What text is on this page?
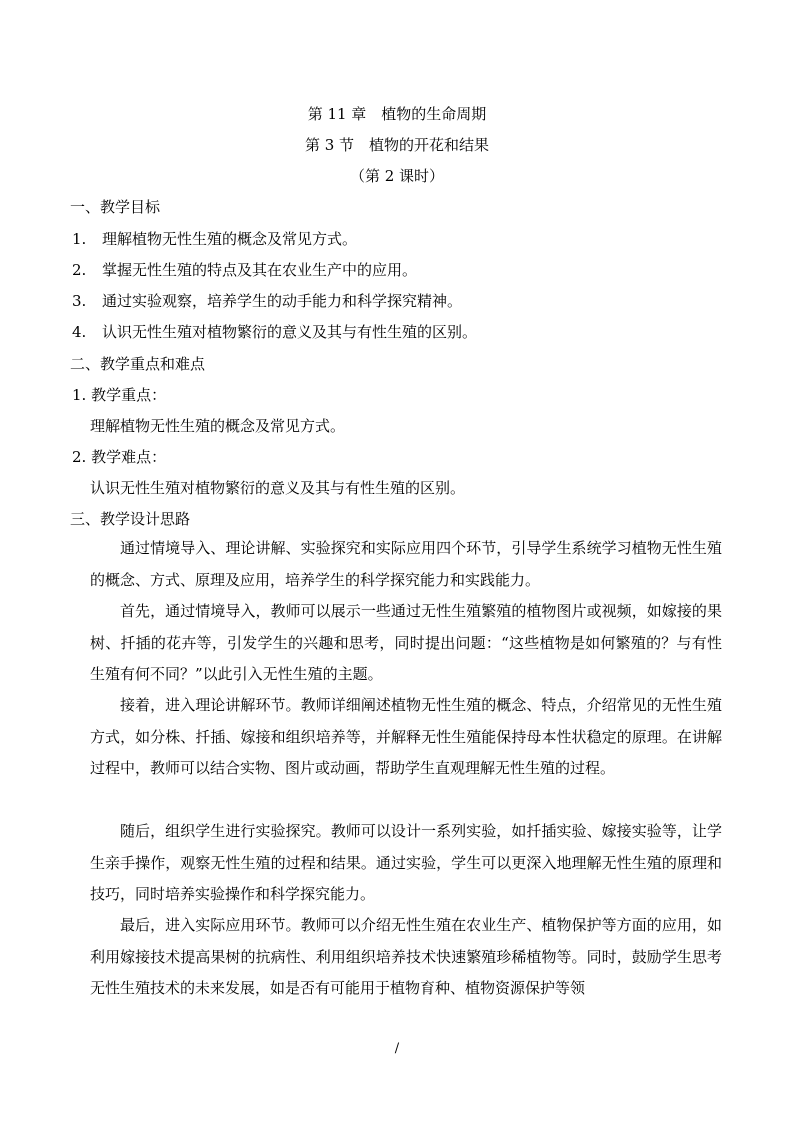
第 11 章　植物的生命周期
第 3 节　植物的开花和结果
（第 2 课时）
一、教学目标
1. 理解植物无性生殖的概念及常见方式。
2. 掌握无性生殖的特点及其在农业生产中的应用。
3. 通过实验观察，培养学生的动手能力和科学探究精神。
4. 认识无性生殖对植物繁衍的意义及其与有性生殖的区别。
二、教学重点和难点
1. 教学重点：
理解植物无性生殖的概念及常见方式。
2. 教学难点：
认识无性生殖对植物繁衍的意义及其与有性生殖的区别。
三、教学设计思路
通过情境导入、理论讲解、实验探究和实际应用四个环节，引导学生系统学习植物无性生殖的概念、方式、原理及应用，培养学生的科学探究能力和实践能力。
首先，通过情境导入，教师可以展示一些通过无性生殖繁殖的植物图片或视频，如嫁接的果树、扦插的花卉等，引发学生的兴趣和思考，同时提出问题：“这些植物是如何繁殖的？与有性生殖有何不同？”以此引入无性生殖的主题。
接着，进入理论讲解环节。教师详细阐述植物无性生殖的概念、特点，介绍常见的无性生殖方式，如分株、扦插、嫁接和组织培养等，并解释无性生殖能保持母本性状稳定的原理。在讲解过程中，教师可以结合实物、图片或动画，帮助学生直观理解无性生殖的过程。
随后，组织学生进行实验探究。教师可以设计一系列实验，如扦插实验、嫁接实验等，让学生亲手操作，观察无性生殖的过程和结果。通过实验，学生可以更深入地理解无性生殖的原理和技巧，同时培养实验操作和科学探究能力。
最后，进入实际应用环节。教师可以介绍无性生殖在农业生产、植物保护等方面的应用，如利用嫁接技术提高果树的抗病性、利用组织培养技术快速繁殖珍稀植物等。同时，鼓励学生思考无性生殖技术的未来发展，如是否有可能用于植物育种、植物资源保护等领
/
